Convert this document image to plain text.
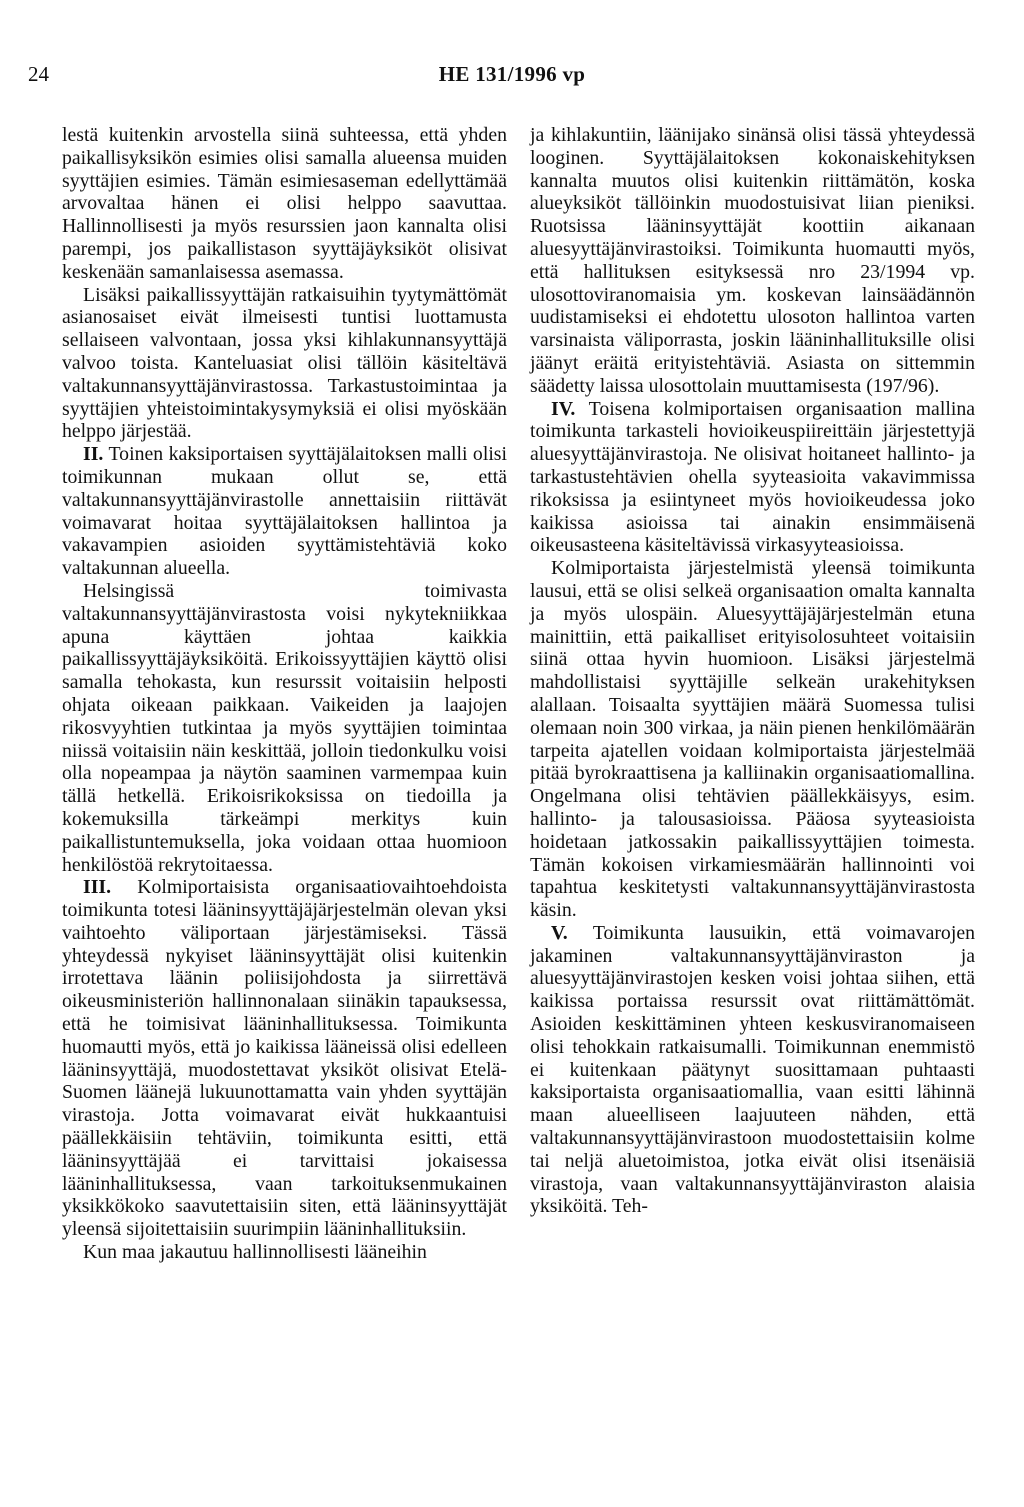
24	HE 131/1996 vp

lestä kuitenkin arvostella siinä suhteessa, että yhden paikallisyksikön esimies olisi samalla alueensa muiden syyttäjien esimies. Tämän esimiesaseman edellyttämää arvovaltaa hänen ei olisi helppo saavuttaa. Hallinnollisesti ja myös resurssien jaon kannalta olisi parempi, jos paikallistason syyttäjäyksiköt olisivat keskenään samanlaisessa asemassa.

Lisäksi paikallissyyttäjän ratkaisuihin tyytymättömät asianosaiset eivät ilmeisesti tuntisi luottamusta sellaiseen valvontaan, jossa yksi kihlakunnansyyttäjä valvoo toista. Kanteluasiat olisi tällöin käsiteltävä valtakunnansyyttäjänvirastossa. Tarkastustoimintaa ja syyttäjien yhteistoimintakysymyksiä ei olisi myöskään helppo järjestää.

II. Toinen kaksiportaisen syyttäjälaitoksen malli olisi toimikunnan mukaan ollut se, että valtakunnansyyttäjänvirastolle annettaisiin riittävät voimavarat hoitaa syyttäjälaitoksen hallintoa ja vakavampien asioiden syyttämistehtäviä koko valtakunnan alueella.

Helsingissä toimivasta valtakunnansyyttäjänvirastosta voisi nykytekniikkaa apuna käyttäen johtaa kaikkia paikallissyyttäjäyksiköitä. Erikoissyyttäjien käyttö olisi samalla tehokasta, kun resurssit voitaisiin helposti ohjata oikeaan paikkaan. Vaikeiden ja laajojen rikosvyyhtien tutkintaa ja myös syyttäjien toimintaa niissä voitaisiin näin keskittää, jolloin tiedonkulku voisi olla nopeampaa ja näytön saaminen varmempaa kuin tällä hetkellä. Erikoisrikoksissa on tiedoilla ja kokemuksilla tärkeämpi merkitys kuin paikallistuntemuksella, joka voidaan ottaa huomioon henkilöstöä rekrytoitaessa.

III. Kolmiportaisista organisaatiovaihtoehdoista toimikunta totesi lääninsyyttäjäjärjestelmän olevan yksi vaihtoehto väliportaan järjestämiseksi. Tässä yhteydessä nykyiset lääninsyyttäjät olisi kuitenkin irrotettava läänin poliisijohdosta ja siirrettävä oikeusministeriön hallinnonalaan siinäkin tapauksessa, että he toimisivat lääninhallituksessa. Toimikunta huomautti myös, että jo kaikissa lääneissä olisi edelleen lääninsyyttäjä, muodostettavat yksiköt olisivat Etelä-Suomen läänejä lukuunottamatta vain yhden syyttäjän virastoja. Jotta voimavarat eivät hukkaantuisi päällekkäisiin tehtäviin, toimikunta esitti, että lääninsyyttäjää ei tarvittaisi jokaisessa lääninhallituksessa, vaan tarkoituksenmukainen yksikkökoko saavutettaisiin siten, että lääninsyyttäjät yleensä sijoitettaisiin suurimpiin lääninhallituksiin.

Kun maa jakautuu hallinnollisesti lääneihin

ja kihlakuntiin, läänijako sinänsä olisi tässä yhteydessä looginen. Syyttäjälaitoksen kokonaiskehityksen kannalta muutos olisi kuitenkin riittämätön, koska alueyksiköt tällöinkin muodostuisivat liian pieniksi. Ruotsissa lääninsyyttäjät koottiin aikanaan aluesyyttäjänvirastoiksi. Toimikunta huomautti myös, että hallituksen esityksessä nro 23/1994 vp. ulosottoviranomaisia ym. koskevan lainsäädännön uudistamiseksi ei ehdotettu ulosoton hallintoa varten varsinaista väliporrasta, joskin lääninhallituksille olisi jäänyt eräitä erityistehtäviä. Asiasta on sittemmin säädetty laissa ulosottolain muuttamisesta (197/96).

IV. Toisena kolmiportaisen organisaation mallina toimikunta tarkasteli hovioikeuspiireittäin järjestettyjä aluesyyttäjänvirastoja. Ne olisivat hoitaneet hallinto- ja tarkastustehtävien ohella syyteasioita vakavimmissa rikoksissa ja esiintyneet myös hovioikeudessa joko kaikissa asioissa tai ainakin ensimmäisenä oikeusasteena käsiteltävissä virkasyyteasioissa.

Kolmiportaista järjestelmistä yleensä toimikunta lausui, että se olisi selkeä organisaation omalta kannalta ja myös ulospäin. Aluesyyttäjäjärjestelmän etuna mainittiin, että paikalliset erityisolosuhteet voitaisiin siinä ottaa hyvin huomioon. Lisäksi järjestelmä mahdollistaisi syyttäjille selkeän urakehityksen alallaan. Toisaalta syyttäjien määrä Suomessa tulisi olemaan noin 300 virkaa, ja näin pienen henkilömäärän tarpeita ajatellen voidaan kolmiportaista järjestelmää pitää byrokraattisena ja kalliinakin organisaatiomallina. Ongelmana olisi tehtävien päällekkäisyys, esim. hallinto- ja talousasioissa. Pääosa syyteasioista hoidetaan jatkossakin paikallissyyttäjien toimesta. Tämän kokoisen virkamiesmäärän hallinnointi voi tapahtua keskitetysti valtakunnansyyttäjänvirastosta käsin.

V. Toimikunta lausuikin, että voimavarojen jakaminen valtakunnansyyttäjänviraston ja aluesyyttäjänvirastojen kesken voisi johtaa siihen, että kaikissa portaissa resurssit ovat riittämättömät. Asioiden keskittäminen yhteen keskusviranomaiseen olisi tehokkain ratkaisumalli. Toimikunnan enemmistö ei kuitenkaan päätynyt suosittamaan puhtaasti kaksiportaista organisaatiomallia, vaan esitti lähinnä maan alueelliseen laajuuteen nähden, että valtakunnansyyttäjänvirastoon muodostettaisiin kolme tai neljä aluetoimistoa, jotka eivät olisi itsenäisiä virastoja, vaan valtakunnansyyttäjänviraston alaisia yksiköitä. Teh-
